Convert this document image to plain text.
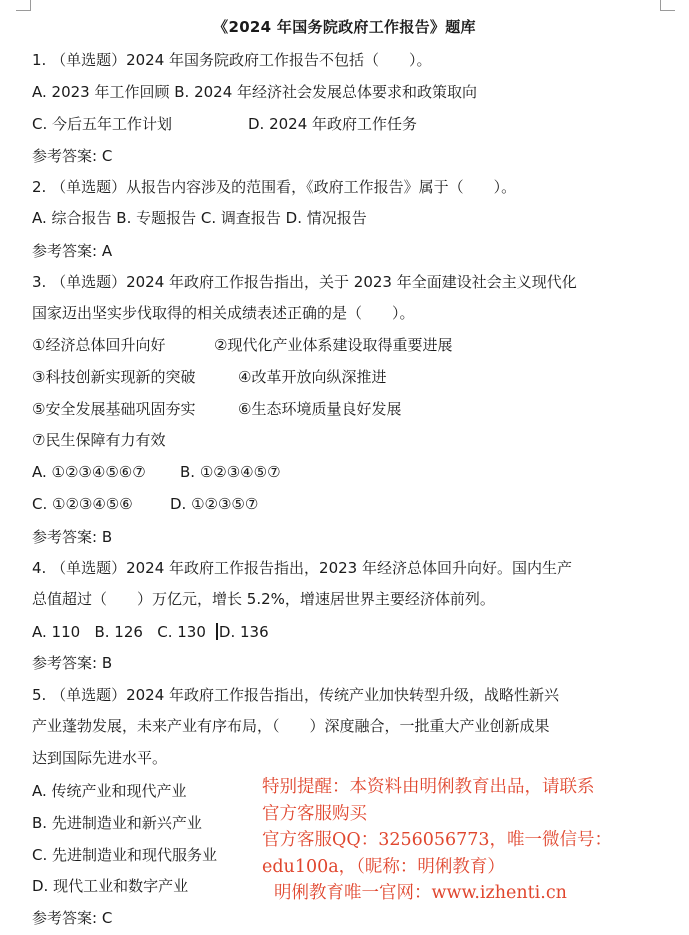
《2024 年国务院政府工作报告》题库
1. （单选题）2024 年国务院政府工作报告不包括（　　）。
A. 2023 年工作回顾 B. 2024 年经济社会发展总体要求和政策取向
C. 今后五年工作计划	D. 2024 年政府工作任务
参考答案: C
2. （单选题）从报告内容涉及的范围看，《政府工作报告》属于（　　）。
A. 综合报告 B. 专题报告 C. 调查报告 D. 情况报告
参考答案: A
3. （单选题）2024 年政府工作报告指出，关于 2023 年全面建设社会主义现代化
国家迈出坚实步伐取得的相关成绩表述正确的是（　　）。
①经济总体回升向好	②现代化产业体系建设取得重要进展
③科技创新实现新的突破	④改革开放向纵深推进
⑤安全发展基础巩固夯实	⑥生态环境质量良好发展
⑦民生保障有力有效
A. ①②③④⑤⑥⑦ B. ①②③④⑤⑦
C. ①②③④⑤⑥ D. ①②③⑤⑦
参考答案: B
4. （单选题）2024 年政府工作报告指出，2023 年经济总体回升向好。国内生产
总值超过（　　）万亿元，增长 5.2%，增速居世界主要经济体前列。
A. 110   B. 126   C. 130  D. 136
参考答案: B
5. （单选题）2024 年政府工作报告指出，传统产业加快转型升级，战略性新兴
产业蓬勃发展，未来产业有序布局，（　　）深度融合，一批重大产业创新成果
达到国际先进水平。
A. 传统产业和现代产业
B. 先进制造业和新兴产业
C. 先进制造业和现代服务业
D. 现代工业和数字产业
参考答案: C
特别提醒：本资料由明俐教育出品，请联系
官方客服购买
官方客服QQ：3256056773，唯一微信号：
edu100a，（昵称：明俐教育）
明俐教育唯一官网：www.izhenti.cn
